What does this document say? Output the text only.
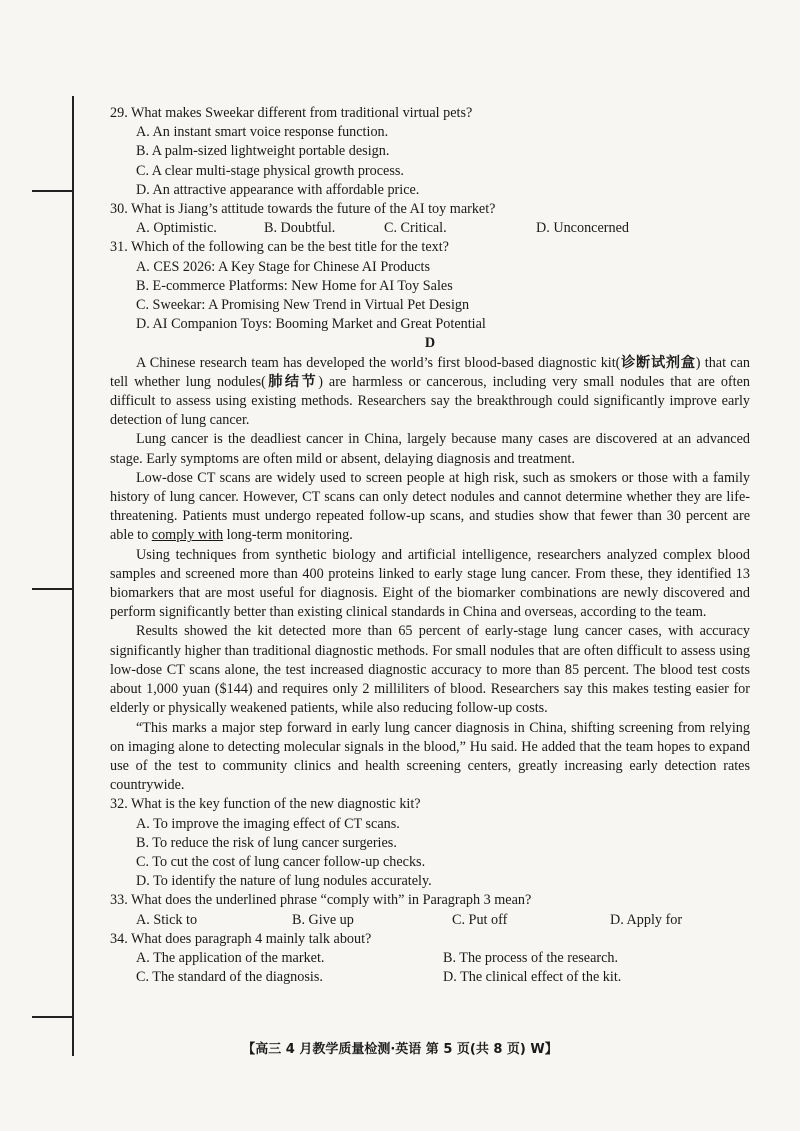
29. What makes Sweekar different from traditional virtual pets?

A. An instant smart voice response function.

B. A palm-sized lightweight portable design.

C. A clear multi-stage physical growth process.

D. An attractive appearance with affordable price.

30. What is Jiang’s attitude towards the future of the AI toy market?

A. Optimistic.	B. Doubtful.	C. Critical.	D. Unconcerned

31. Which of the following can be the best title for the text?

A. CES 2026: A Key Stage for Chinese AI Products

B. E-commerce Platforms: New Home for AI Toy Sales

C. Sweekar: A Promising New Trend in Virtual Pet Design

D. AI Companion Toys: Booming Market and Great Potential

D

A Chinese research team has developed the world’s first blood-based diagnostic kit(诊断试剂盒) that can tell whether lung nodules(肺结节) are harmless or cancerous, including very small nodules that are often difficult to assess using existing methods. Researchers say the breakthrough could significantly improve early detection of lung cancer.

Lung cancer is the deadliest cancer in China, largely because many cases are discovered at an advanced stage. Early symptoms are often mild or absent, delaying diagnosis and treatment.

Low-dose CT scans are widely used to screen people at high risk, such as smokers or those with a family history of lung cancer. However, CT scans can only detect nodules and cannot determine whether they are life-threatening. Patients must undergo repeated follow-up scans, and studies show that fewer than 30 percent are able to comply with long-term monitoring.

Using techniques from synthetic biology and artificial intelligence, researchers analyzed complex blood samples and screened more than 400 proteins linked to early stage lung cancer. From these, they identified 13 biomarkers that are most useful for diagnosis. Eight of the biomarker combinations are newly discovered and perform significantly better than existing clinical standards in China and overseas, according to the team.

Results showed the kit detected more than 65 percent of early-stage lung cancer cases, with accuracy significantly higher than traditional diagnostic methods. For small nodules that are often difficult to assess using low-dose CT scans alone, the test increased diagnostic accuracy to more than 85 percent. The blood test costs about 1,000 yuan ($144) and requires only 2 milliliters of blood. Researchers say this makes testing easier for elderly or physically weakened patients, while also reducing follow-up costs.

“This marks a major step forward in early lung cancer diagnosis in China, shifting screening from relying on imaging alone to detecting molecular signals in the blood,” Hu said. He added that the team hopes to expand use of the test to community clinics and health screening centers, greatly increasing early detection rates countrywide.

32. What is the key function of the new diagnostic kit?

A. To improve the imaging effect of CT scans.

B. To reduce the risk of lung cancer surgeries.

C. To cut the cost of lung cancer follow-up checks.

D. To identify the nature of lung nodules accurately.

33. What does the underlined phrase “comply with” in Paragraph 3 mean?

A. Stick to	B. Give up	C. Put off	D. Apply for

34. What does paragraph 4 mainly talk about?

A. The application of the market.	B. The process of the research.
C. The standard of the diagnosis.	D. The clinical effect of the kit.
【高三 4 月教学质量检测·英语 第 5 页(共 8 页) W】
